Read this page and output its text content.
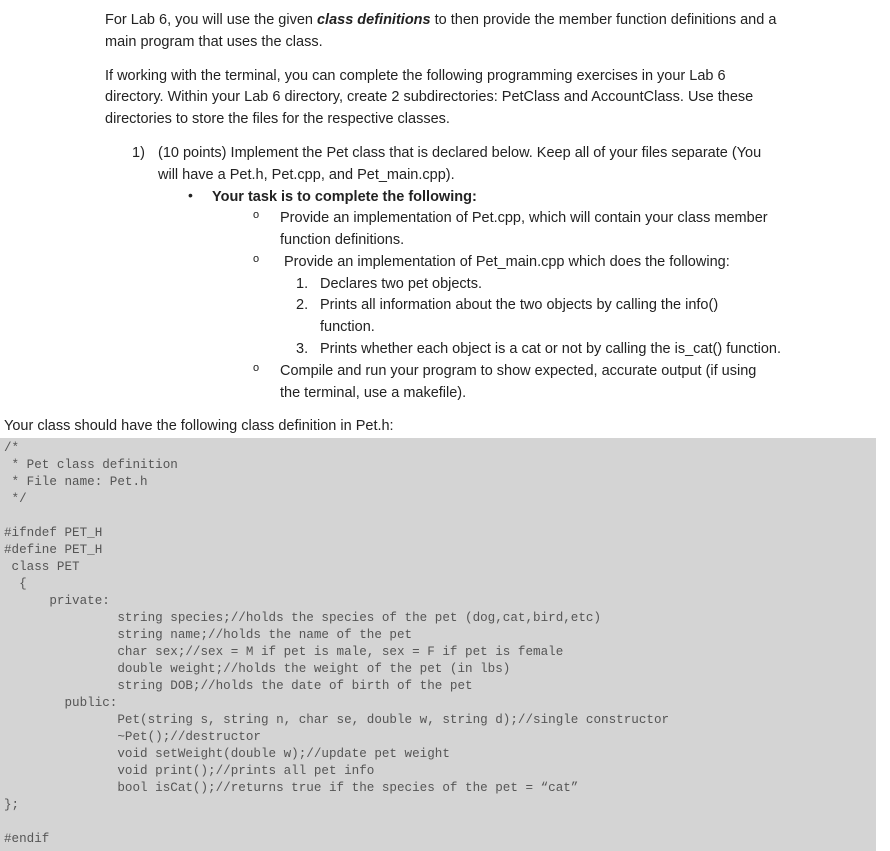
For Lab 6, you will use the given class definitions to then provide the member function definitions and a
main program that uses the class.
If working with the terminal, you can complete the following programming exercises in your Lab 6
directory. Within your Lab 6 directory, create 2 subdirectories: PetClass and AccountClass. Use these
directories to store the files for the respective classes.
1) (10 points) Implement the Pet class that is declared below. Keep all of your files separate (You
will have a Pet.h, Pet.cpp, and Pet_main.cpp).
• Your task is to complete the following:
o Provide an implementation of Pet.cpp, which will contain your class member
function definitions.
o Provide an implementation of Pet_main.cpp which does the following:
1. Declares two pet objects.
2. Prints all information about the two objects by calling the info()
function.
3. Prints whether each object is a cat or not by calling the is_cat() function.
o Compile and run your program to show expected, accurate output (if using
the terminal, use a makefile).
Your class should have the following class definition in Pet.h:
/*
* Pet class definition
* File name: Pet.h
*/
#ifndef PET_H
#define PET_H
class PET
{
private:
string species;//holds the species of the pet (dog,cat,bird,etc)
string name;//holds the name of the pet
char sex;//sex = M if pet is male, sex = F if pet is female
double weight;//holds the weight of the pet (in lbs)
string DOB;//holds the date of birth of the pet
public:
Pet(string s, string n, char se, double w, string d);//single constructor
~Pet();//destructor
void setWeight(double w);//update pet weight
void print();//prints all pet info
bool isCat();//returns true if the species of the pet = “cat”
};
#endif
